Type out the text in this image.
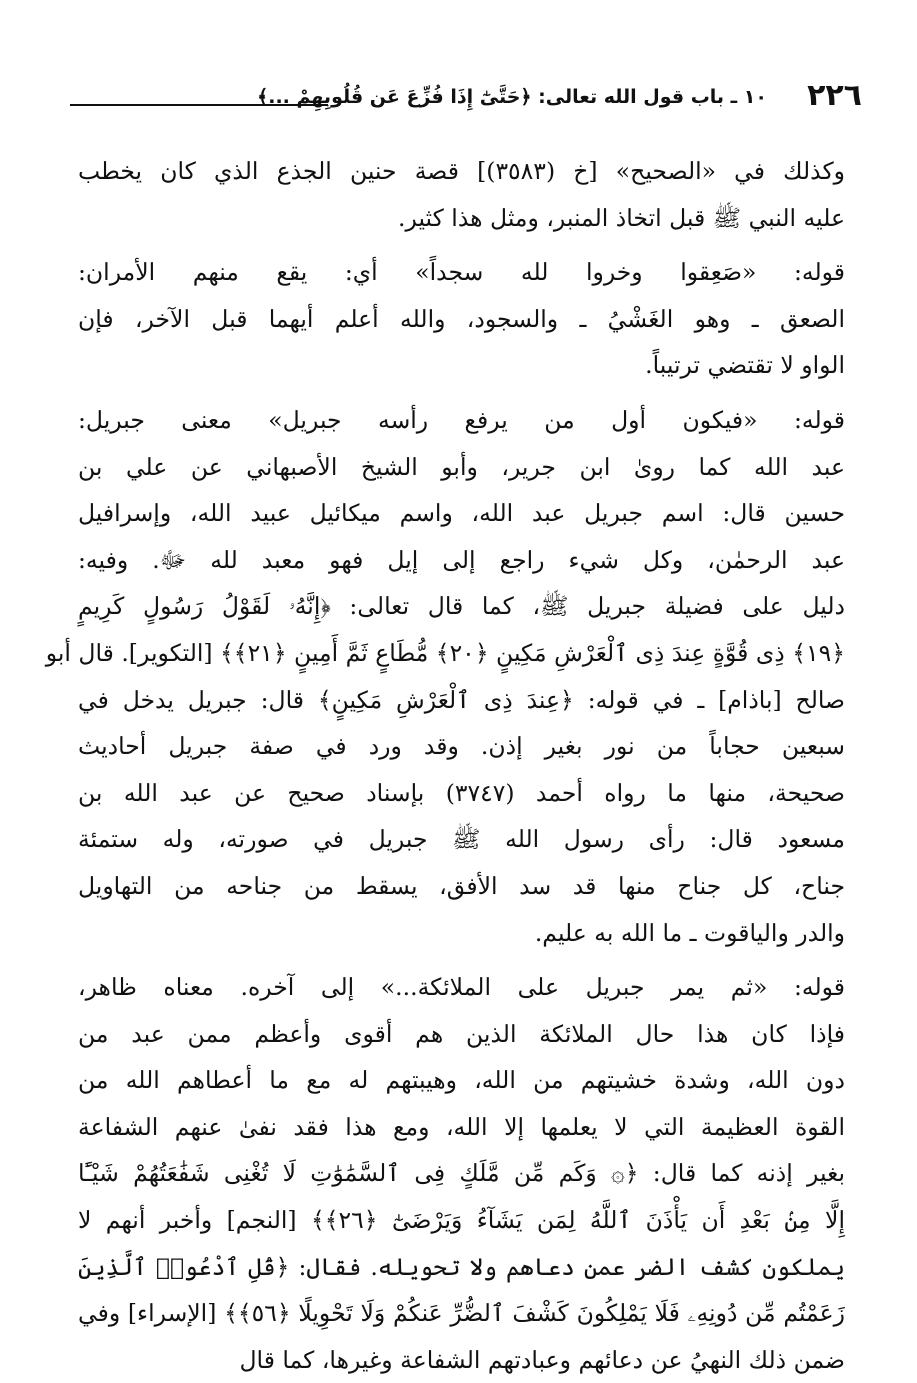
٢٢٦
١٠ ـ باب قول الله تعالى: ﴿حَتَّىٰٓ إِذَا فُزِّعَ عَن قُلُوبِهِمْ ...﴾
وكذلك في «الصحيح» [خ (٣٥٨٣)] قصة حنين الجذع الذي كان يخطب
عليه النبي ﷺ قبل اتخاذ المنبر، ومثل هذا كثير.
قوله: «صَعِقوا وخروا لله سجداً» أي: يقع منهم الأمران:
الصعق ـ وهو الغَشْيُ ـ والسجود، والله أعلم أيهما قبل الآخر، فإن
الواو لا تقتضي ترتيباً.
قوله: «فيكون أول من يرفع رأسه جبريل» معنى جبريل:
عبد الله كما روىٰ ابن جرير، وأبو الشيخ الأصبهاني عن علي بن
حسين قال: اسم جبريل عبد الله، واسم ميكائيل عبيد الله، وإسرافيل
عبد الرحمٰن، وكل شيء راجع إلى إيل فهو معبد لله ﷻ. وفيه:
دليل على فضيلة جبريل ﷺ، كما قال تعالى: ﴿إِنَّهُۥ لَقَوْلُ رَسُولٍ كَرِيمٍ
﴿١٩﴾ ذِى قُوَّةٍ عِندَ ذِى ٱلْعَرْشِ مَكِينٍ ﴿٢٠﴾ مُّطَاعٍ ثَمَّ أَمِينٍ ﴿٢١﴾﴾ [التكوير]. قال أبو
صالح [باذام] ـ في قوله: ﴿عِندَ ذِى ٱلْعَرْشِ مَكِينٍ﴾ قال: جبريل يدخل في
سبعين حجاباً من نور بغير إذن. وقد ورد في صفة جبريل أحاديث
صحيحة، منها ما رواه أحمد (٣٧٤٧) بإسناد صحيح عن عبد الله بن
مسعود قال: رأى رسول الله ﷺ جبريل في صورته، وله ستمئة
جناح، كل جناح منها قد سد الأفق، يسقط من جناحه من التهاويل
والدر والياقوت ـ ما الله به عليم.
قوله: «ثم يمر جبريل على الملائكة...» إلى آخره. معناه ظاهر،
فإذا كان هذا حال الملائكة الذين هم أقوى وأعظم ممن عبد من
دون الله، وشدة خشيتهم من الله، وهيبتهم له مع ما أعطاهم الله من
القوة العظيمة التي لا يعلمها إلا الله، ومع هذا فقد نفىٰ عنهم الشفاعة
بغير إذنه كما قال: ﴿۞ وَكَم مِّن مَّلَكٍ فِى ٱلسَّمَٰوَٰتِ لَا تُغْنِى شَفَٰعَتُهُمْ شَيْـًٔا
إِلَّا مِنۢ بَعْدِ أَن يَأْذَنَ ٱللَّهُ لِمَن يَشَآءُ وَيَرْضَىٰٓ ﴿٢٦﴾﴾ [النجم] وأخبر أنهم لا
يملكون كشف الضر عمن دعاهم ولا تحويله. فقال: ﴿قُلِ ٱدْعُوا۟ ٱلَّذِينَ
زَعَمْتُم مِّن دُونِهِۦ فَلَا يَمْلِكُونَ كَشْفَ ٱلضُّرِّ عَنكُمْ وَلَا تَحْوِيلًا ﴿٥٦﴾﴾ [الإسراء] وفي
ضمن ذلك النهيُ عن دعائهم وعبادتهم الشفاعة وغيرها، كما قال
